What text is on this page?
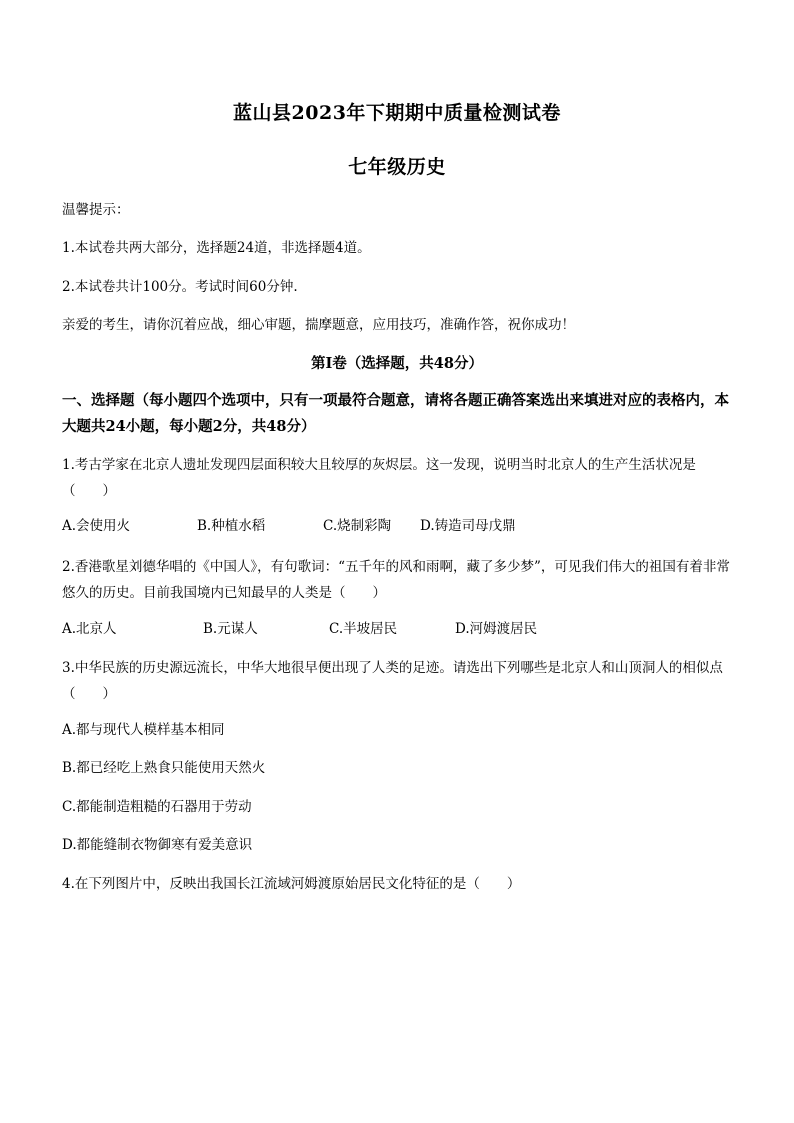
蓝山县2023年下期期中质量检测试卷
七年级历史
温馨提示：
1.本试卷共两大部分，选择题24道，非选择题4道。
2.本试卷共计100分。考试时间60分钟.
亲爱的考生，请你沉着应战，细心审题，揣摩题意，应用技巧，准确作答，祝你成功！
第Ⅰ卷（选择题，共48分）
一、选择题（每小题四个选项中，只有一项最符合题意，请将各题正确答案选出来填进对应的表格内，本大题共24小题，每小题2分，共48分）
1.考古学家在北京人遗址发现四层面积较大且较厚的灰烬层。这一发现，说明当时北京人的生产生活状况是（　　）
A.会使用火	B.种植水稻	C.烧制彩陶 D.铸造司母戊鼎
2.香港歌星刘德华唱的《中国人》，有句歌词：“五千年的风和雨啊，藏了多少梦”，可见我们伟大的祖国有着非常悠久的历史。目前我国境内已知最早的人类是（　　）
A.北京人	B.元谋人	C.半坡居民	D.河姆渡居民
3.中华民族的历史源远流长，中华大地很早便出现了人类的足迹。请选出下列哪些是北京人和山顶洞人的相似点（　　）
A.都与现代人模样基本相同
B.都已经吃上熟食只能使用天然火
C.都能制造粗糙的石器用于劳动
D.都能缝制衣物御寒有爱美意识
4.在下列图片中，反映出我国长江流域河姆渡原始居民文化特征的是（　　）
